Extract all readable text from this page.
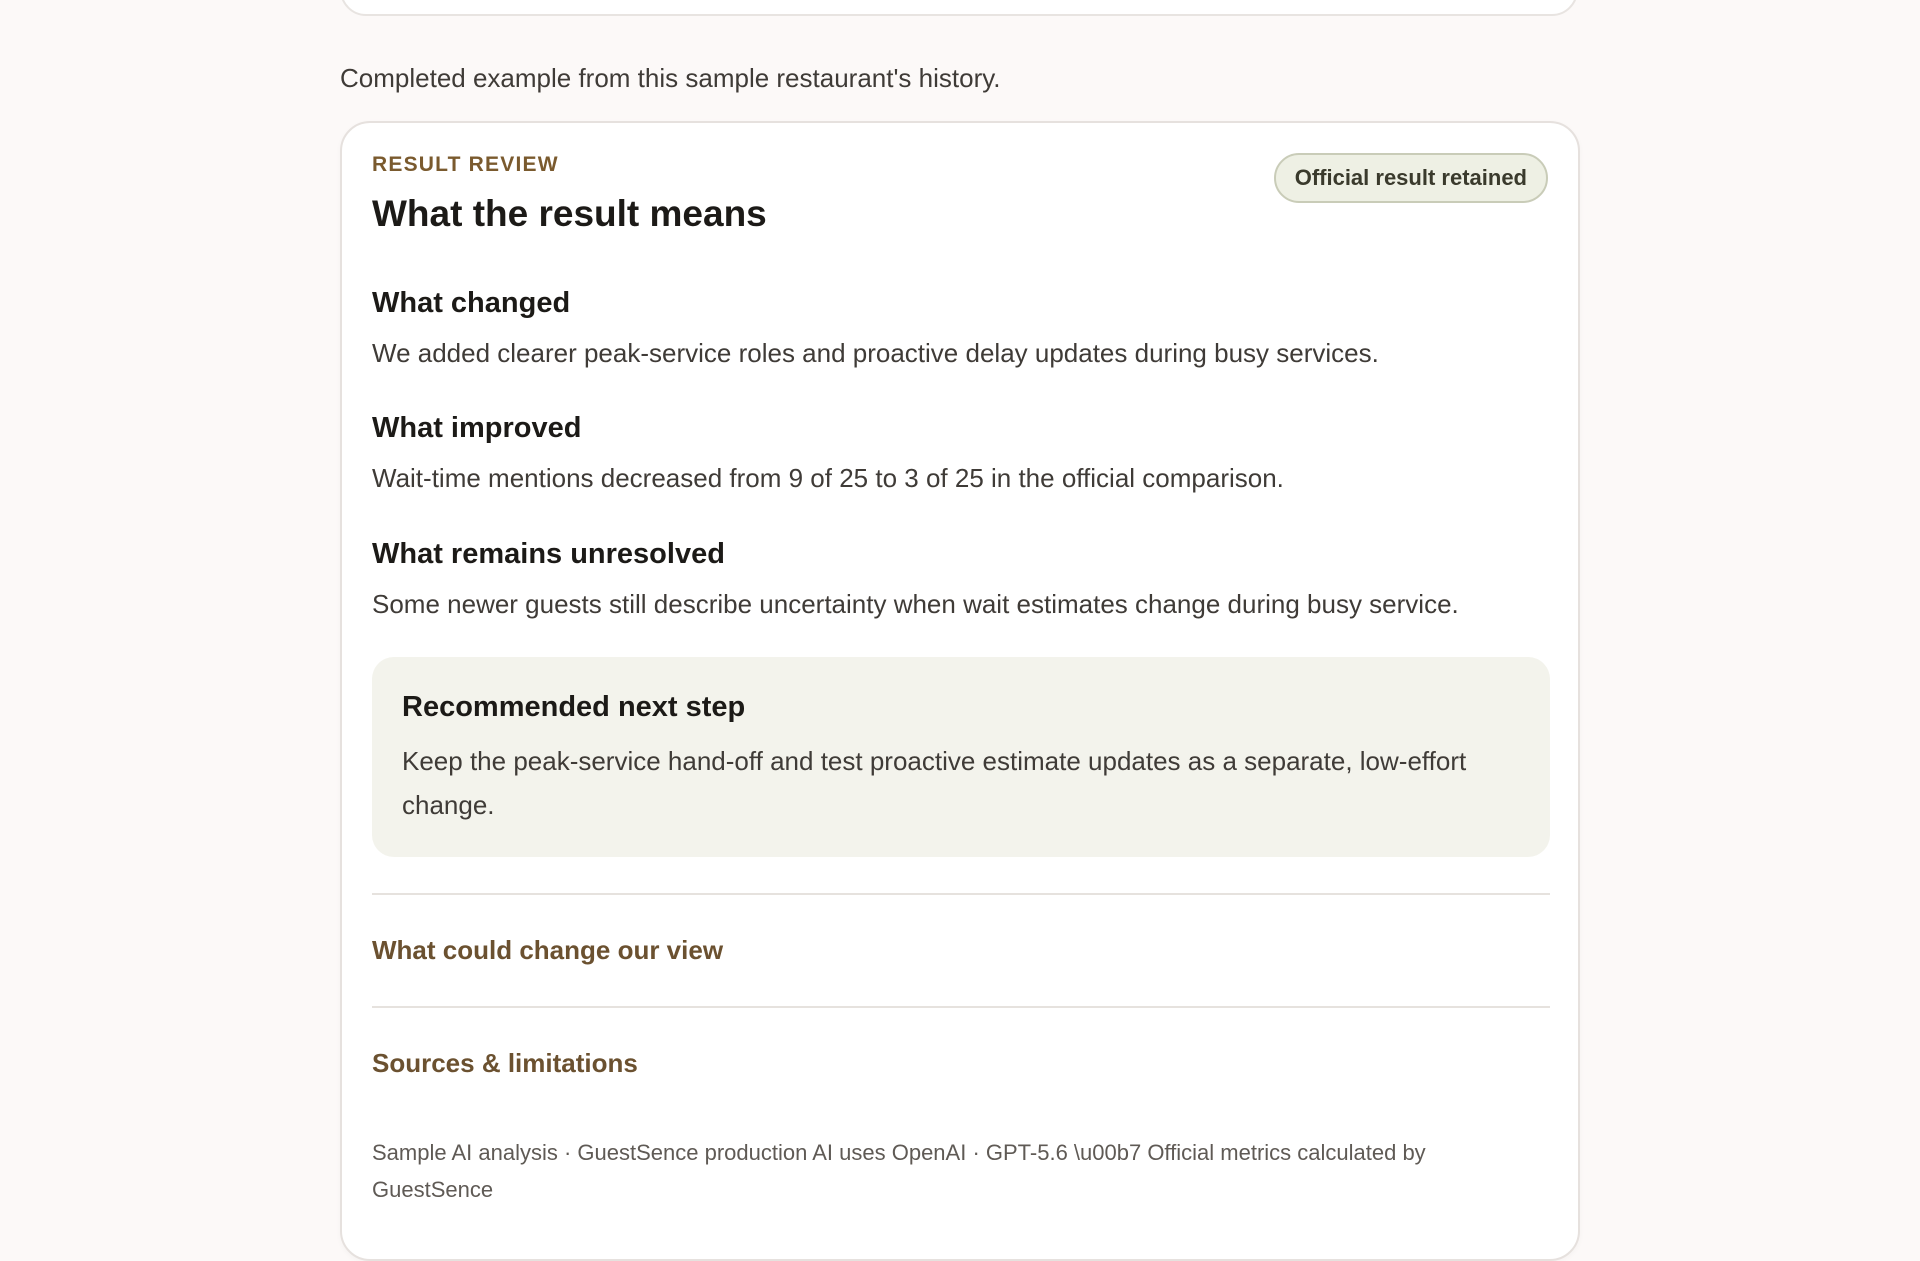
Completed example from this sample restaurant's history.
RESULT REVIEW
What the result means
Official result retained
What changed

We added clearer peak-service roles and proactive delay updates during busy services.

What improved

Wait-time mentions decreased from 9 of 25 to 3 of 25 in the official comparison.

What remains unresolved

Some newer guests still describe uncertainty when wait estimates change during busy service.

Recommended next step

Keep the peak-service hand-off and test proactive estimate updates as a separate, low-effort change.

What could change our view
Sources & limitations
Sample AI analysis · GuestSence production AI uses OpenAI · GPT-5.6 \u00b7 Official metrics calculated by GuestSence
